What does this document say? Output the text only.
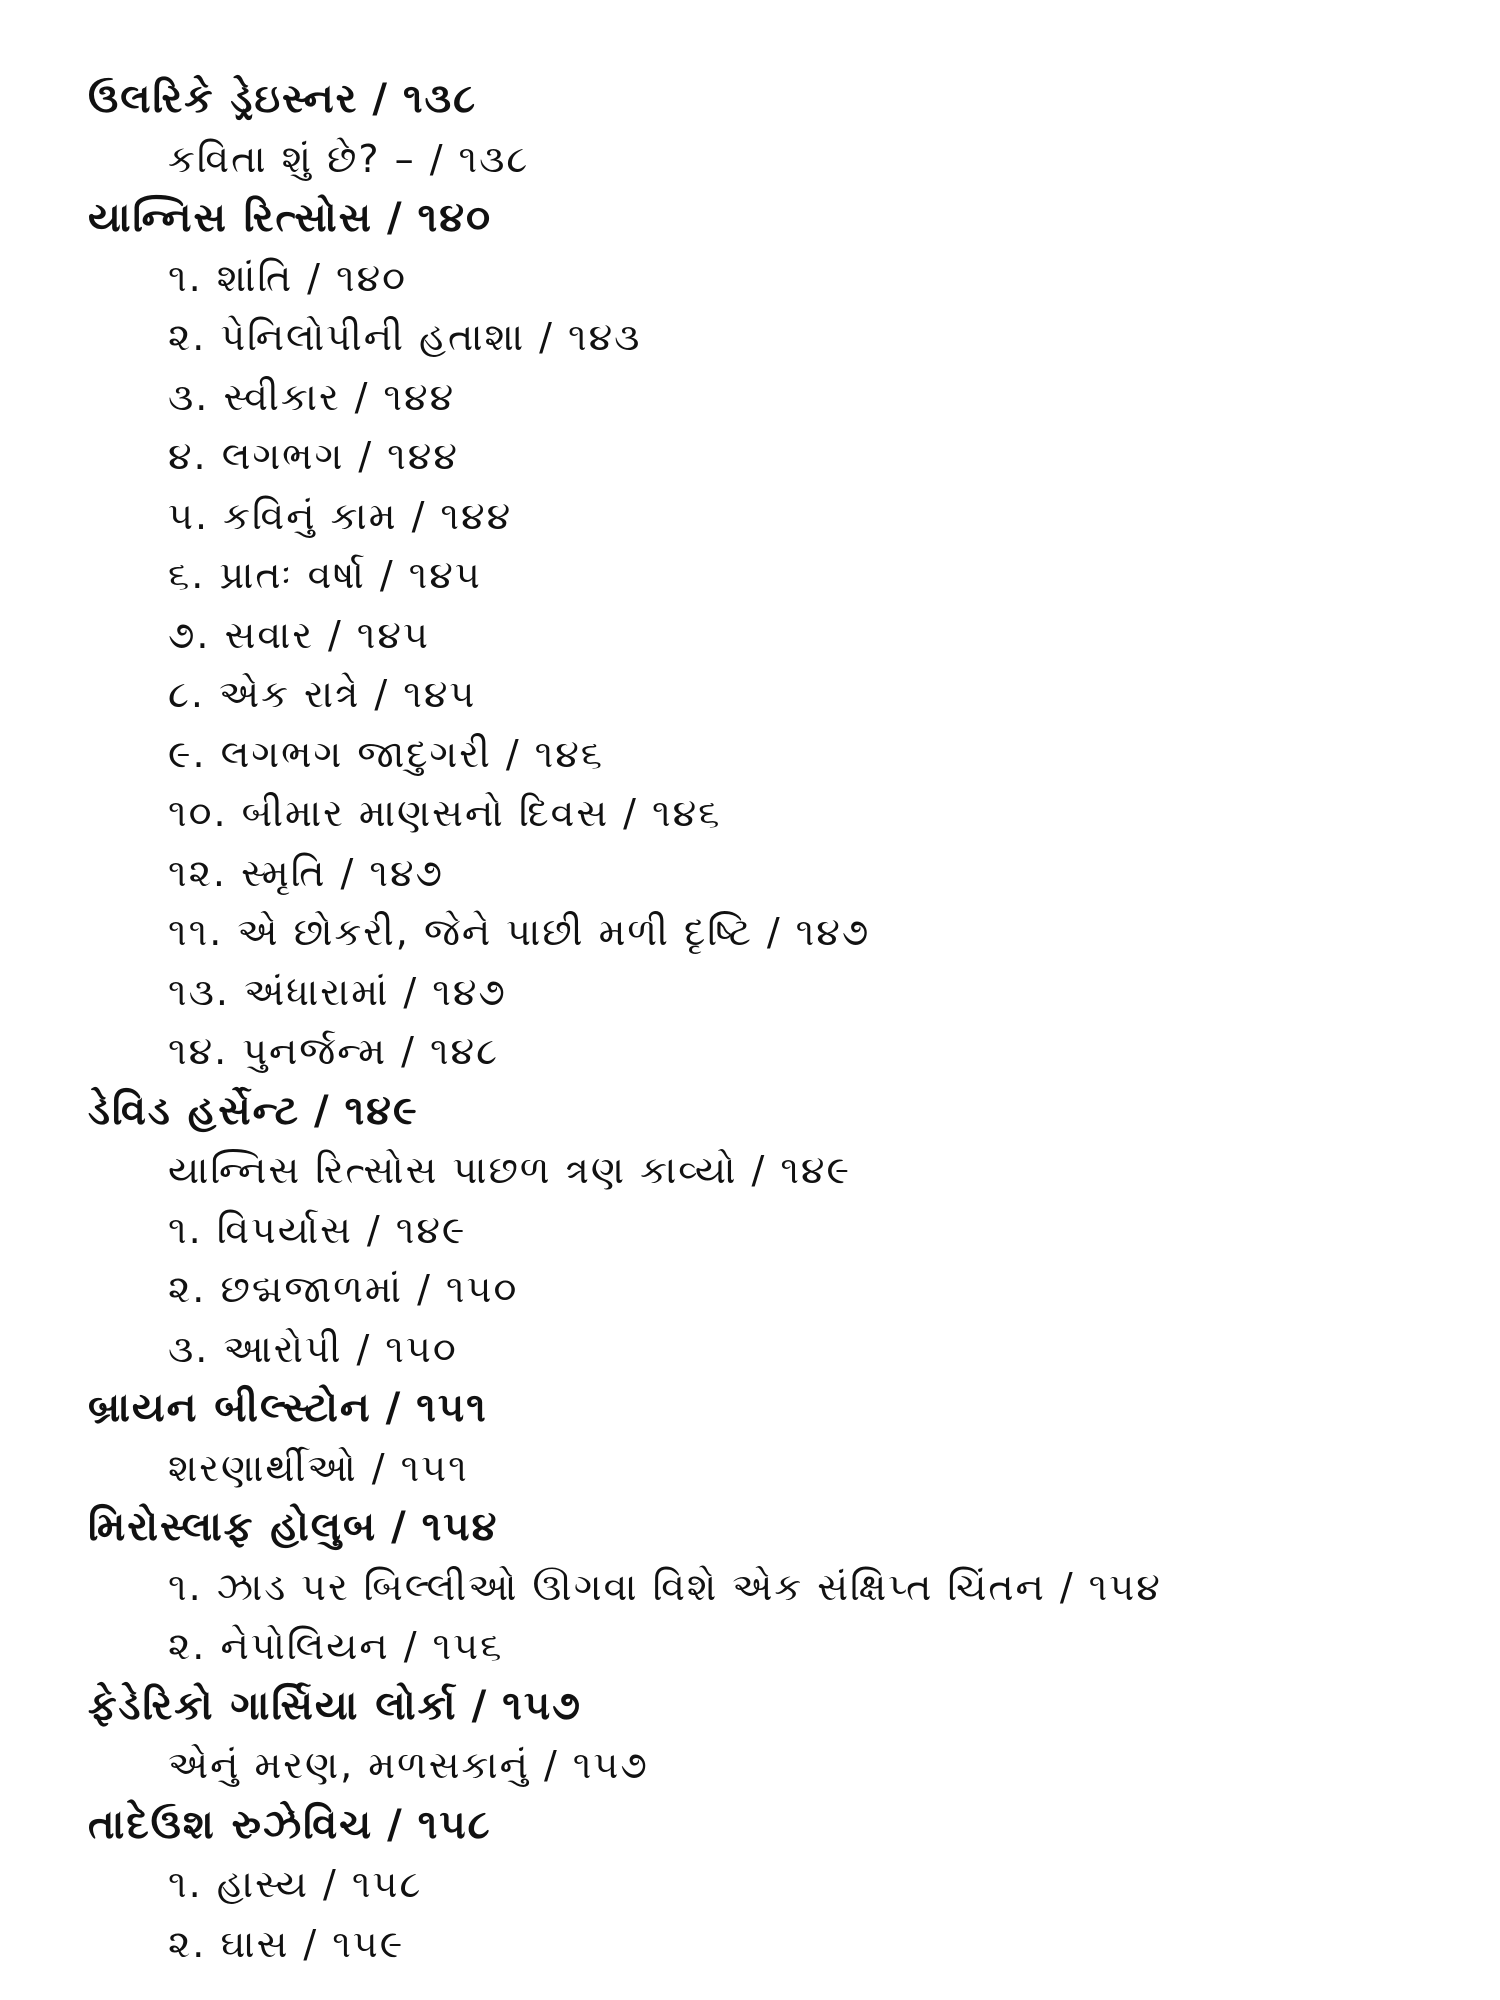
ઉલરિકે ડ્રેઇસ્નર / ૧૩૮
કવિતા શું છે? – / ૧૩૮
યાન્નિસ રિત્સોસ / ૧૪૦
૧. શાંતિ / ૧૪૦
૨. પેનિલોપીની હતાશા / ૧૪૩
૩. સ્વીકાર / ૧૪૪
૪. લગભગ / ૧૪૪
૫. કવિનું કામ / ૧૪૪
૬. પ્રાતઃ વર્ષા / ૧૪૫
૭. સવાર / ૧૪૫
૮. એક રાત્રે / ૧૪૫
૯. લગભગ જાદુગરી / ૧૪૬
૧૦. બીમાર માણસનો દિવસ / ૧૪૬
૧૨. સ્મૃતિ / ૧૪૭
૧૧. એ છોકરી, જેને પાછી મળી દૃષ્ટિ / ૧૪૭
૧૩. અંધારામાં / ૧૪૭
૧૪. પુનર્જન્મ / ૧૪૮
ડેવિડ હર્સેન્ટ / ૧૪૯
યાન્નિસ રિત્સોસ પાછળ ત્રણ કાવ્યો / ૧૪૯
૧. વિપર્યાસ / ૧૪૯
૨. છદ્મજાળમાં / ૧૫૦
૩. આરોપી / ૧૫૦
બ્રાયન બીલ્સ્ટોન / ૧૫૧
શરણાર્થીઓ / ૧૫૧
મિરોસ્લાફ હોલુબ / ૧૫૪
૧. ઝાડ પર બિલ્લીઓ ઊગવા વિશે એક સંક્ષિપ્ત ચિંતન / ૧૫૪
૨. નેપોલિયન / ૧૫૬
ફેડેરિકો ગાર્સિયા લોર્કા / ૧૫૭
એનું મરણ, મળસકાનું / ૧૫૭
તાદેઉશ રુઝેવિચ / ૧૫૮
૧. હાસ્ય / ૧૫૮
૨. ઘાસ / ૧૫૯
